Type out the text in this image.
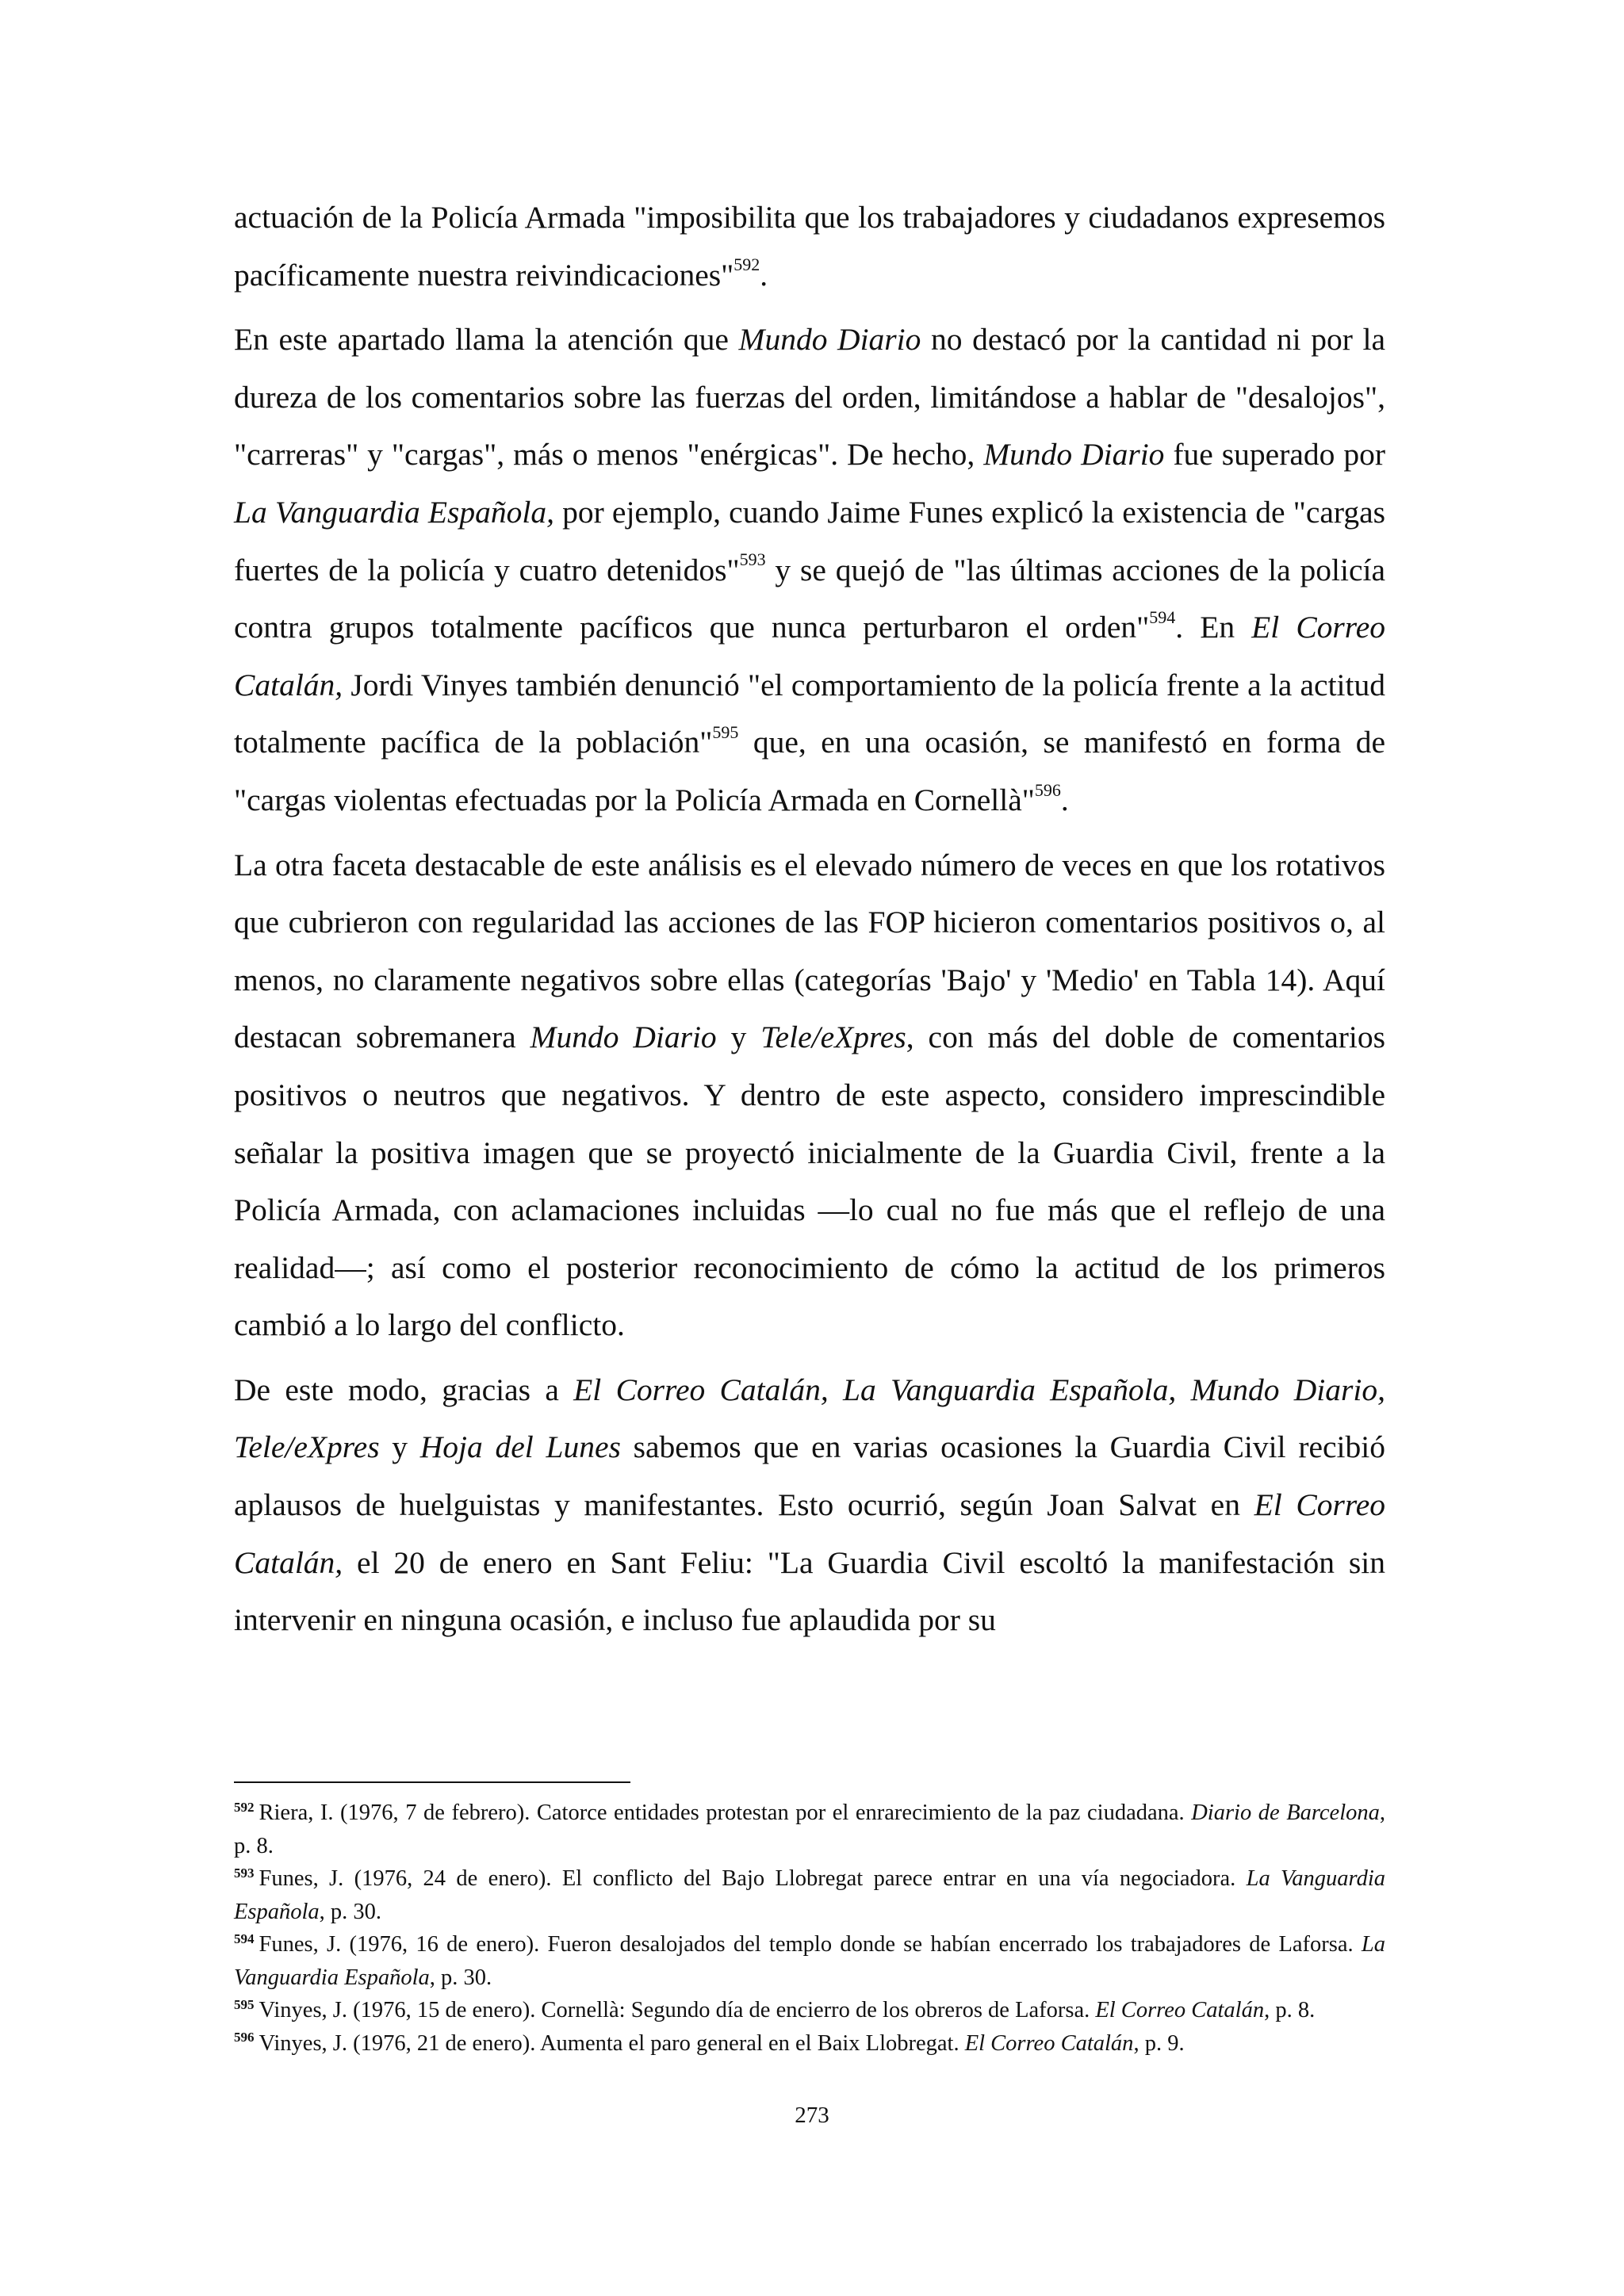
actuación de la Policía Armada "imposibilita que los trabajadores y ciudadanos expresemos pacíficamente nuestra reivindicaciones"$^{592}$.

En este apartado llama la atención que Mundo Diario no destacó por la cantidad ni por la dureza de los comentarios sobre las fuerzas del orden, limitándose a hablar de "desalojos", "carreras" y "cargas", más o menos "enérgicas". De hecho, Mundo Diario fue superado por La Vanguardia Española, por ejemplo, cuando Jaime Funes explicó la existencia de "cargas fuertes de la policía y cuatro detenidos"$^{593}$ y se quejó de "las últimas acciones de la policía contra grupos totalmente pacíficos que nunca perturbaron el orden"$^{594}$. En El Correo Catalán, Jordi Vinyes también denunció "el comportamiento de la policía frente a la actitud totalmente pacífica de la población"$^{595}$ que, en una ocasión, se manifestó en forma de "cargas violentas efectuadas por la Policía Armada en Cornellà"$^{596}$.

La otra faceta destacable de este análisis es el elevado número de veces en que los rotativos que cubrieron con regularidad las acciones de las FOP hicieron comentarios positivos o, al menos, no claramente negativos sobre ellas (categorías 'Bajo' y 'Medio' en Tabla 14). Aquí destacan sobremanera Mundo Diario y Tele/eXpres, con más del doble de comentarios positivos o neutros que negativos. Y dentro de este aspecto, considero imprescindible señalar la positiva imagen que se proyectó inicialmente de la Guardia Civil, frente a la Policía Armada, con aclamaciones incluidas —lo cual no fue más que el reflejo de una realidad—; así como el posterior reconocimiento de cómo la actitud de los primeros cambió a lo largo del conflicto.

De este modo, gracias a El Correo Catalán, La Vanguardia Española, Mundo Diario, Tele/eXpres y Hoja del Lunes sabemos que en varias ocasiones la Guardia Civil recibió aplausos de huelguistas y manifestantes. Esto ocurrió, según Joan Salvat en El Correo Catalán, el 20 de enero en Sant Feliu: "La Guardia Civil escoltó la manifestación sin intervenir en ninguna ocasión, e incluso fue aplaudida por su

$^{592}$ Riera, I. (1976, 7 de febrero). Catorce entidades protestan por el enrarecimiento de la paz ciudadana. Diario de Barcelona, p. 8.

$^{593}$ Funes, J. (1976, 24 de enero). El conflicto del Bajo Llobregat parece entrar en una vía negociadora. La Vanguardia Española, p. 30.

$^{594}$ Funes, J. (1976, 16 de enero). Fueron desalojados del templo donde se habían encerrado los trabajadores de Laforsa. La Vanguardia Española, p. 30.

$^{595}$ Vinyes, J. (1976, 15 de enero). Cornellà: Segundo día de encierro de los obreros de Laforsa. El Correo Catalán, p. 8.

$^{596}$ Vinyes, J. (1976, 21 de enero). Aumenta el paro general en el Baix Llobregat. El Correo Catalán, p. 9.

273
